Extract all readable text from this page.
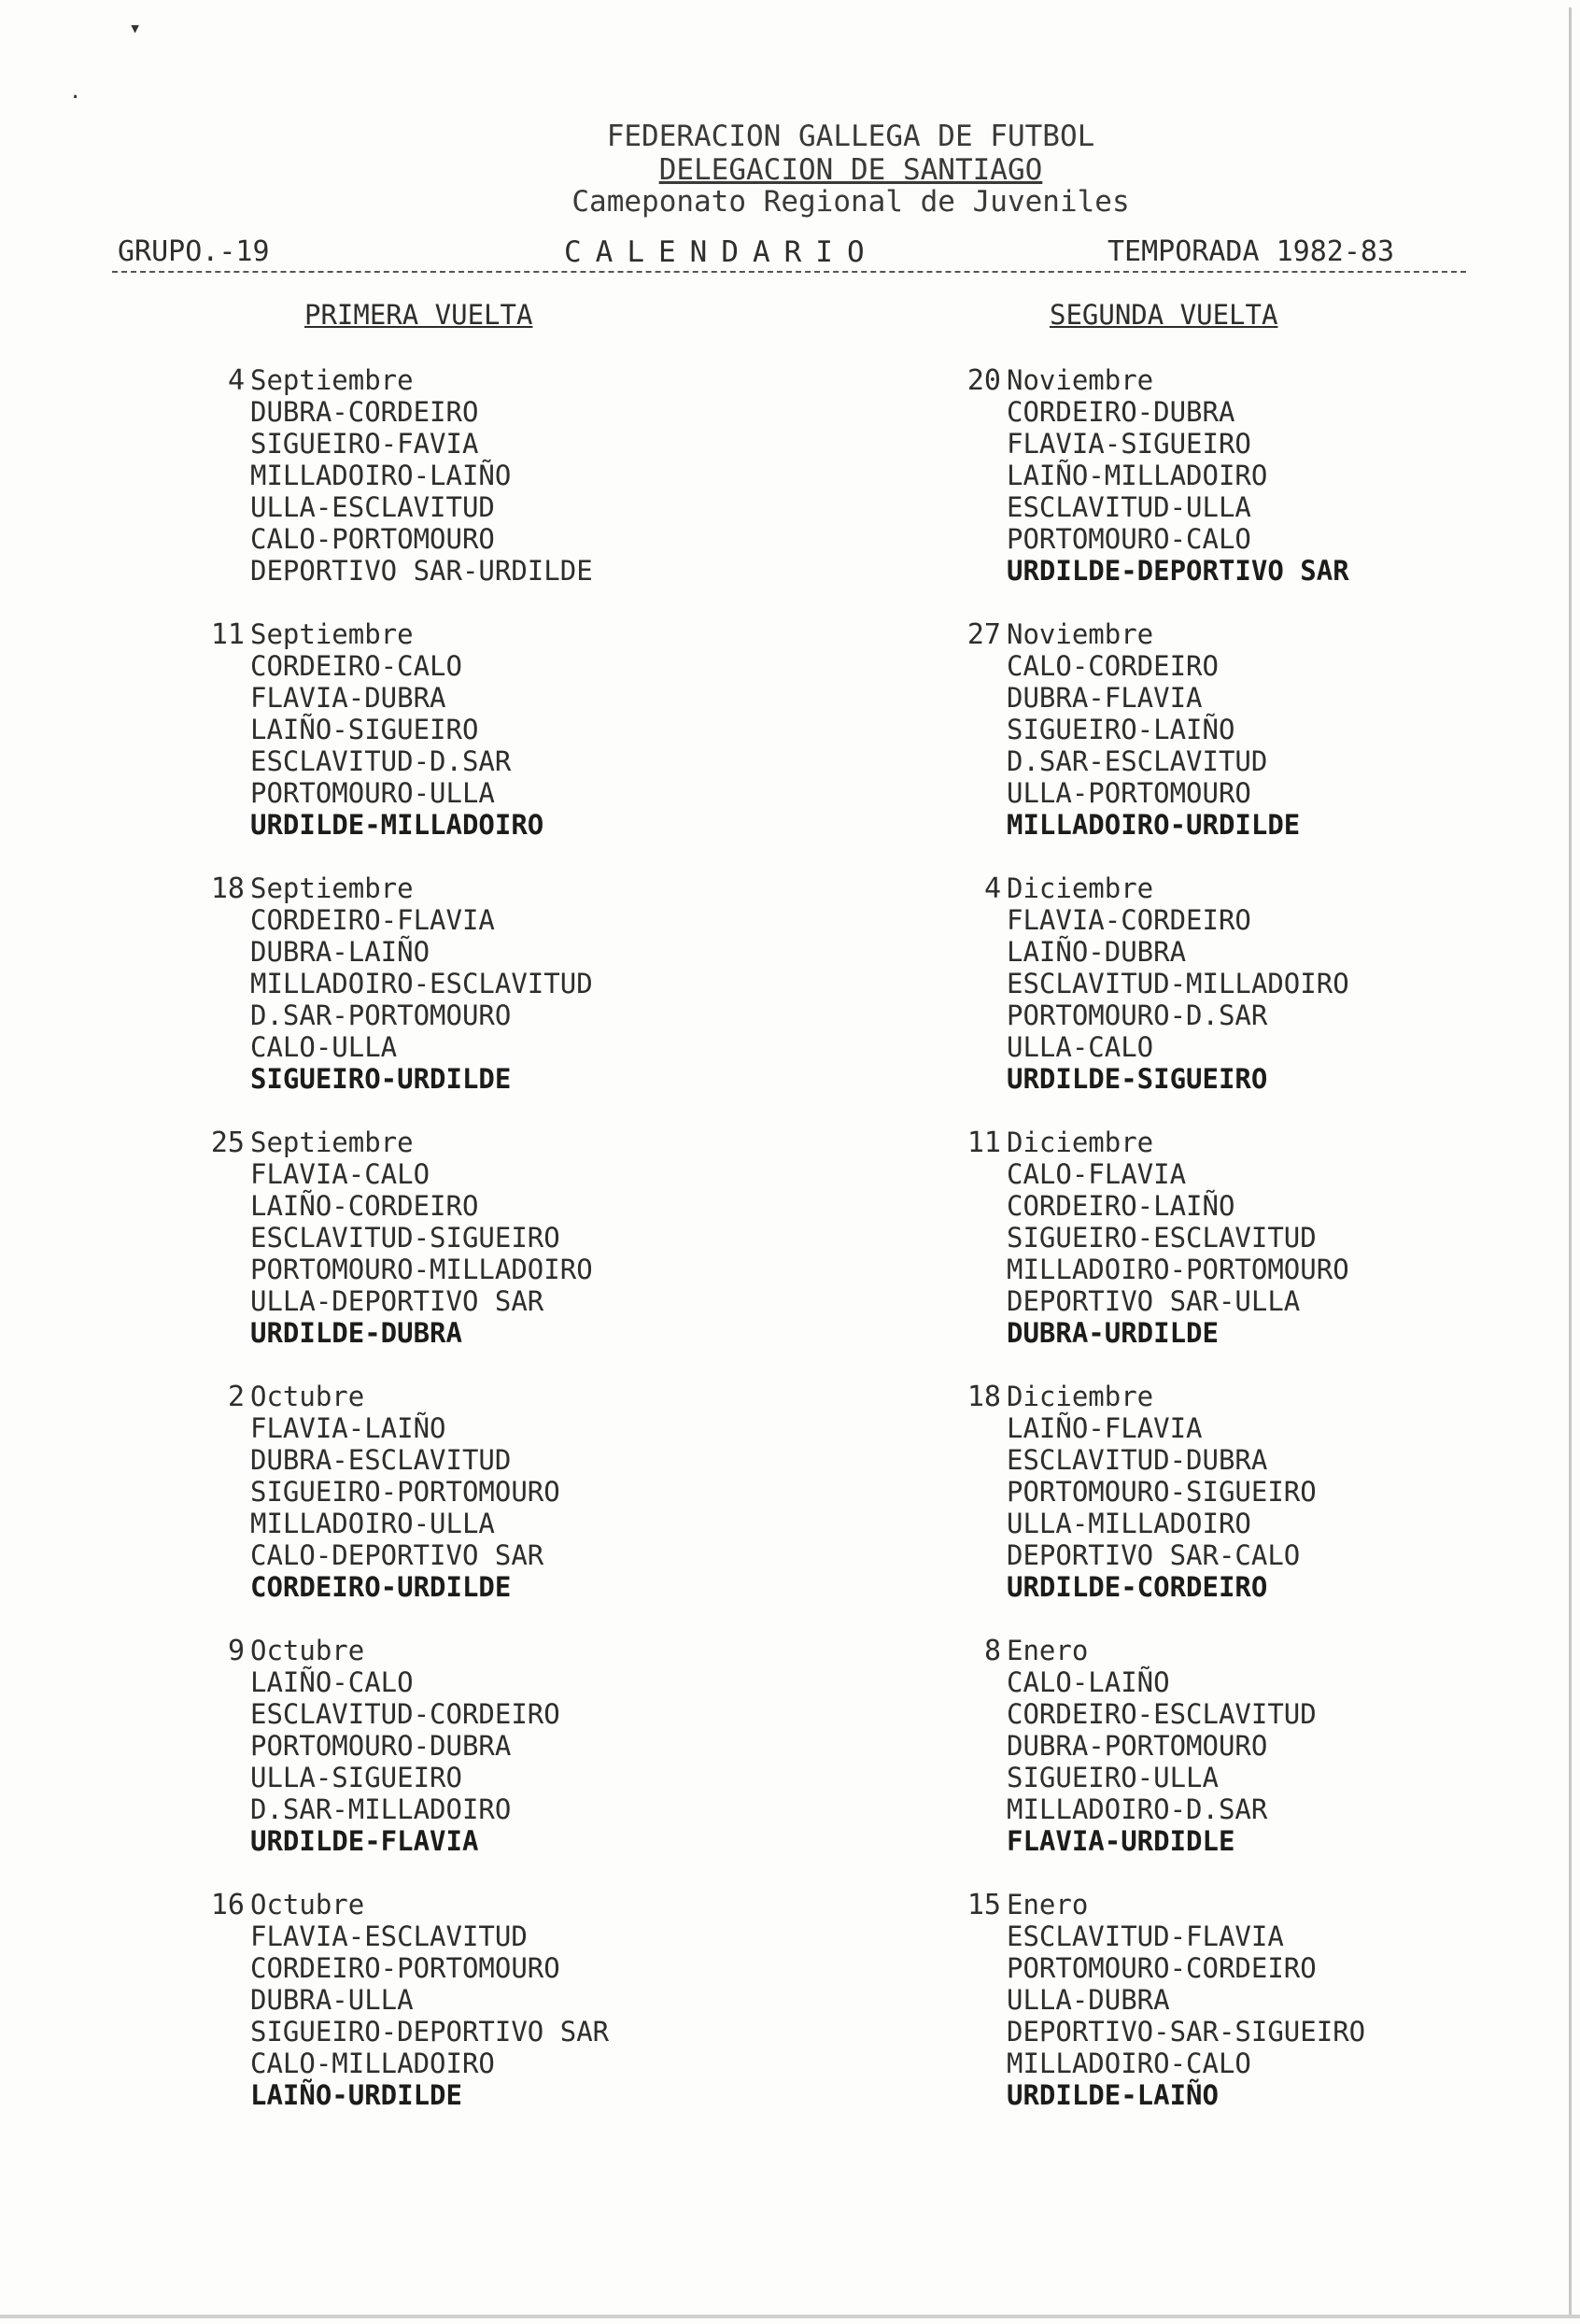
▾
·
FEDERACION GALLEGA DE FUTBOL
DELEGACION DE SANTIAGO
Cameponato Regional de Juveniles
GRUPO.-19	CALENDARIO	TEMPORADA 1982-83
PRIMERA VUELTA	SEGUNDA VUELTA
4 Septiembre
DUBRA-CORDEIRO
SIGUEIRO-FAVIA
MILLADOIRO-LAIÑO
ULLA-ESCLAVITUD
CALO-PORTOMOURO
DEPORTIVO SAR-URDILDE
11 Septiembre
CORDEIRO-CALO
FLAVIA-DUBRA
LAIÑO-SIGUEIRO
ESCLAVITUD-D.SAR
PORTOMOURO-ULLA
URDILDE-MILLADOIRO
18 Septiembre
CORDEIRO-FLAVIA
DUBRA-LAIÑO
MILLADOIRO-ESCLAVITUD
D.SAR-PORTOMOURO
CALO-ULLA
SIGUEIRO-URDILDE
25 Septiembre
FLAVIA-CALO
LAIÑO-CORDEIRO
ESCLAVITUD-SIGUEIRO
PORTOMOURO-MILLADOIRO
ULLA-DEPORTIVO SAR
URDILDE-DUBRA
2 Octubre
FLAVIA-LAIÑO
DUBRA-ESCLAVITUD
SIGUEIRO-PORTOMOURO
MILLADOIRO-ULLA
CALO-DEPORTIVO SAR
CORDEIRO-URDILDE
9 Octubre
LAIÑO-CALO
ESCLAVITUD-CORDEIRO
PORTOMOURO-DUBRA
ULLA-SIGUEIRO
D.SAR-MILLADOIRO
URDILDE-FLAVIA
16 Octubre
FLAVIA-ESCLAVITUD
CORDEIRO-PORTOMOURO
DUBRA-ULLA
SIGUEIRO-DEPORTIVO SAR
CALO-MILLADOIRO
LAIÑO-URDILDE
20 Noviembre
CORDEIRO-DUBRA
FLAVIA-SIGUEIRO
LAIÑO-MILLADOIRO
ESCLAVITUD-ULLA
PORTOMOURO-CALO
URDILDE-DEPORTIVO SAR
27 Noviembre
CALO-CORDEIRO
DUBRA-FLAVIA
SIGUEIRO-LAIÑO
D.SAR-ESCLAVITUD
ULLA-PORTOMOURO
MILLADOIRO-URDILDE
4 Diciembre
FLAVIA-CORDEIRO
LAIÑO-DUBRA
ESCLAVITUD-MILLADOIRO
PORTOMOURO-D.SAR
ULLA-CALO
URDILDE-SIGUEIRO
11 Diciembre
CALO-FLAVIA
CORDEIRO-LAIÑO
SIGUEIRO-ESCLAVITUD
MILLADOIRO-PORTOMOURO
DEPORTIVO SAR-ULLA
DUBRA-URDILDE
18 Diciembre
LAIÑO-FLAVIA
ESCLAVITUD-DUBRA
PORTOMOURO-SIGUEIRO
ULLA-MILLADOIRO
DEPORTIVO SAR-CALO
URDILDE-CORDEIRO
8 Enero
CALO-LAIÑO
CORDEIRO-ESCLAVITUD
DUBRA-PORTOMOURO
SIGUEIRO-ULLA
MILLADOIRO-D.SAR
FLAVIA-URDIDLE
15 Enero
ESCLAVITUD-FLAVIA
PORTOMOURO-CORDEIRO
ULLA-DUBRA
DEPORTIVO-SAR-SIGUEIRO
MILLADOIRO-CALO
URDILDE-LAIÑO
